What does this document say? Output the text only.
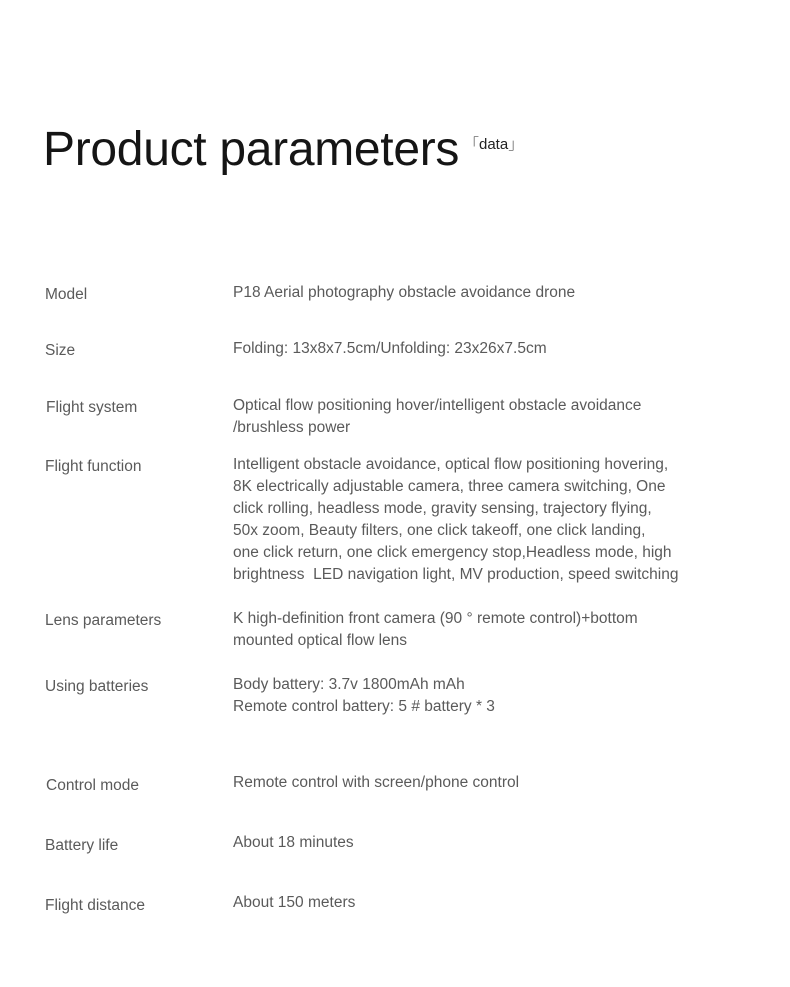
Product parameters 「data」
Model	P18 Aerial photography obstacle avoidance drone
Size	Folding: 13x8x7.5cm/Unfolding: 23x26x7.5cm
Flight system	Optical flow positioning hover/intelligent obstacle avoidance
/brushless power
Flight function	Intelligent obstacle avoidance, optical flow positioning hovering,
8K electrically adjustable camera, three camera switching, One
click rolling, headless mode, gravity sensing, trajectory flying,
50x zoom, Beauty filters, one click takeoff, one click landing,
one click return, one click emergency stop,Headless mode, high
brightness  LED navigation light, MV production, speed switching
Lens parameters	K high-definition front camera (90 ° remote control)+bottom
mounted optical flow lens
Using batteries	Body battery: 3.7v 1800mAh mAh
Remote control battery: 5 # battery * 3
Control mode	Remote control with screen/phone control
Battery life	About 18 minutes
Flight distance	About 150 meters
